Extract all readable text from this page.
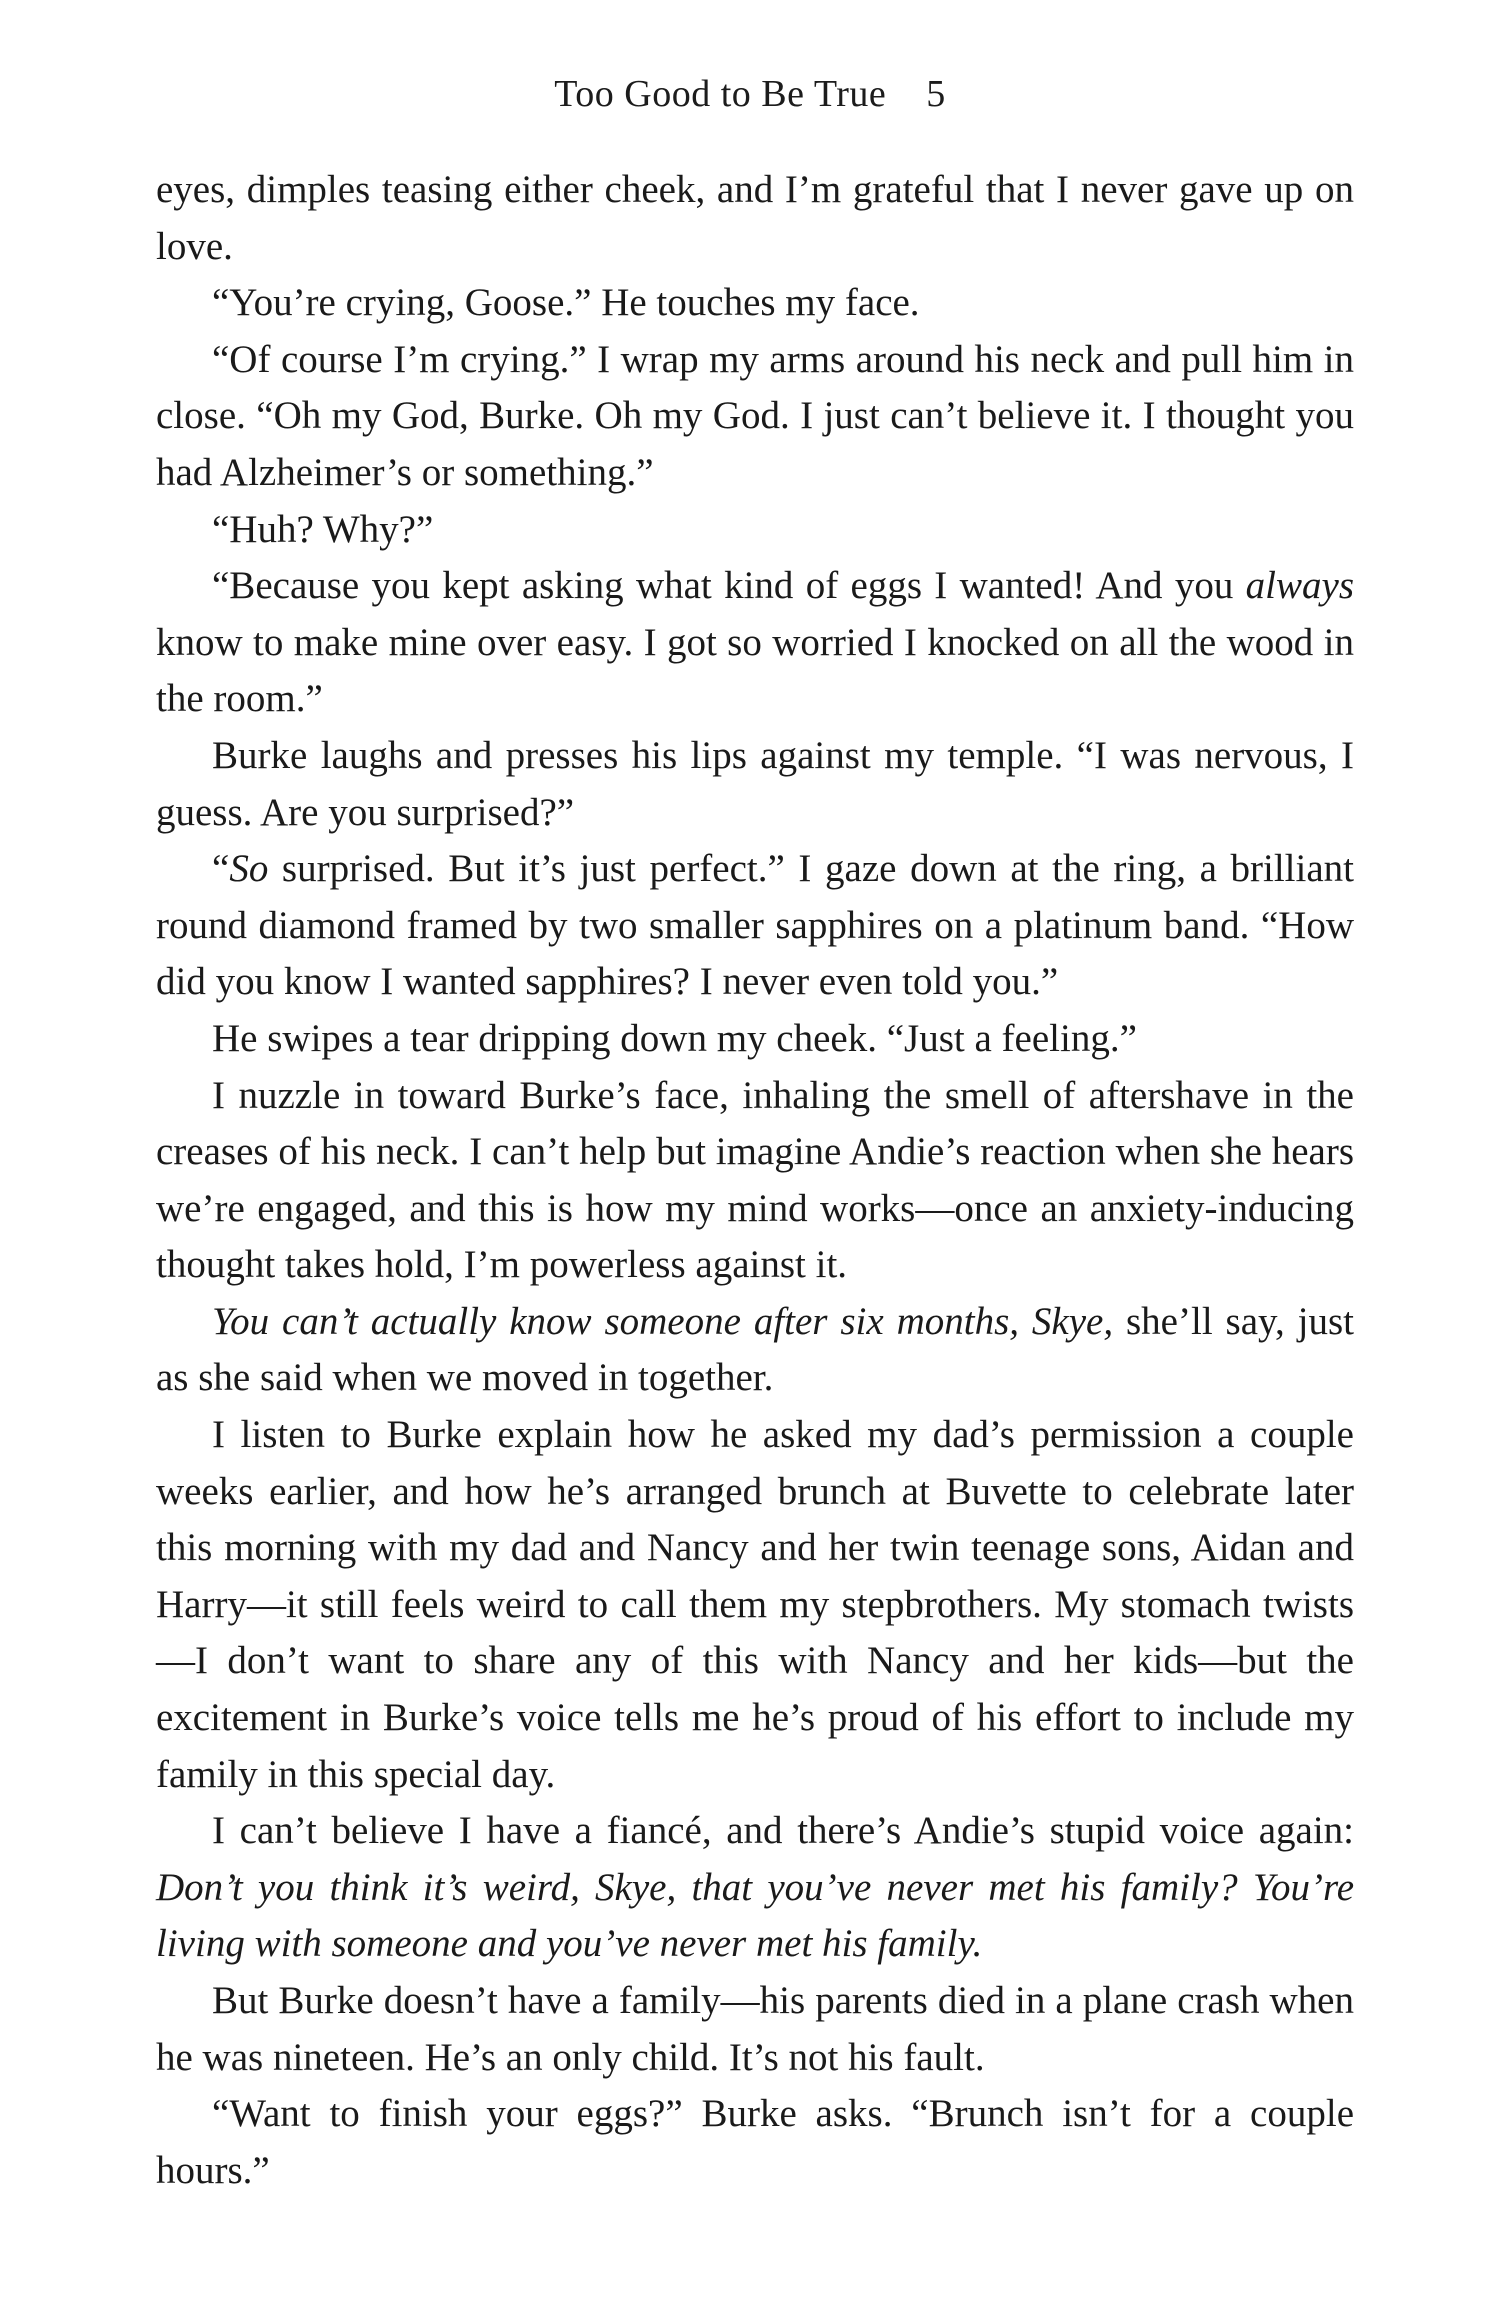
Too Good to Be True 5

eyes, dimples teasing either cheek, and I’m grateful that I never gave up on love.

“You’re crying, Goose.” He touches my face.

“Of course I’m crying.” I wrap my arms around his neck and pull him in close. “Oh my God, Burke. Oh my God. I just can’t believe it. I thought you had Alzheimer’s or something.”

“Huh? Why?”

“Because you kept asking what kind of eggs I wanted! And you always know to make mine over easy. I got so worried I knocked on all the wood in the room.”

Burke laughs and presses his lips against my temple. “I was nervous, I guess. Are you surprised?”

“So surprised. But it’s just perfect.” I gaze down at the ring, a brilliant round diamond framed by two smaller sapphires on a platinum band. “How did you know I wanted sapphires? I never even told you.”

He swipes a tear dripping down my cheek. “Just a feeling.”

I nuzzle in toward Burke’s face, inhaling the smell of aftershave in the creases of his neck. I can’t help but imagine Andie’s reaction when she hears we’re engaged, and this is how my mind works—once an anxiety-inducing thought takes hold, I’m powerless against it.

You can’t actually know someone after six months, Skye, she’ll say, just as she said when we moved in together.

I listen to Burke explain how he asked my dad’s permission a couple weeks earlier, and how he’s arranged brunch at Buvette to celebrate later this morning with my dad and Nancy and her twin teenage sons, Aidan and Harry—it still feels weird to call them my stepbrothers. My stomach twists—I don’t want to share any of this with Nancy and her kids—but the excitement in Burke’s voice tells me he’s proud of his effort to include my family in this special day.

I can’t believe I have a fiancé, and there’s Andie’s stupid voice again: Don’t you think it’s weird, Skye, that you’ve never met his family? You’re living with someone and you’ve never met his family.

But Burke doesn’t have a family—his parents died in a plane crash when he was nineteen. He’s an only child. It’s not his fault.

“Want to finish your eggs?” Burke asks. “Brunch isn’t for a couple hours.”
